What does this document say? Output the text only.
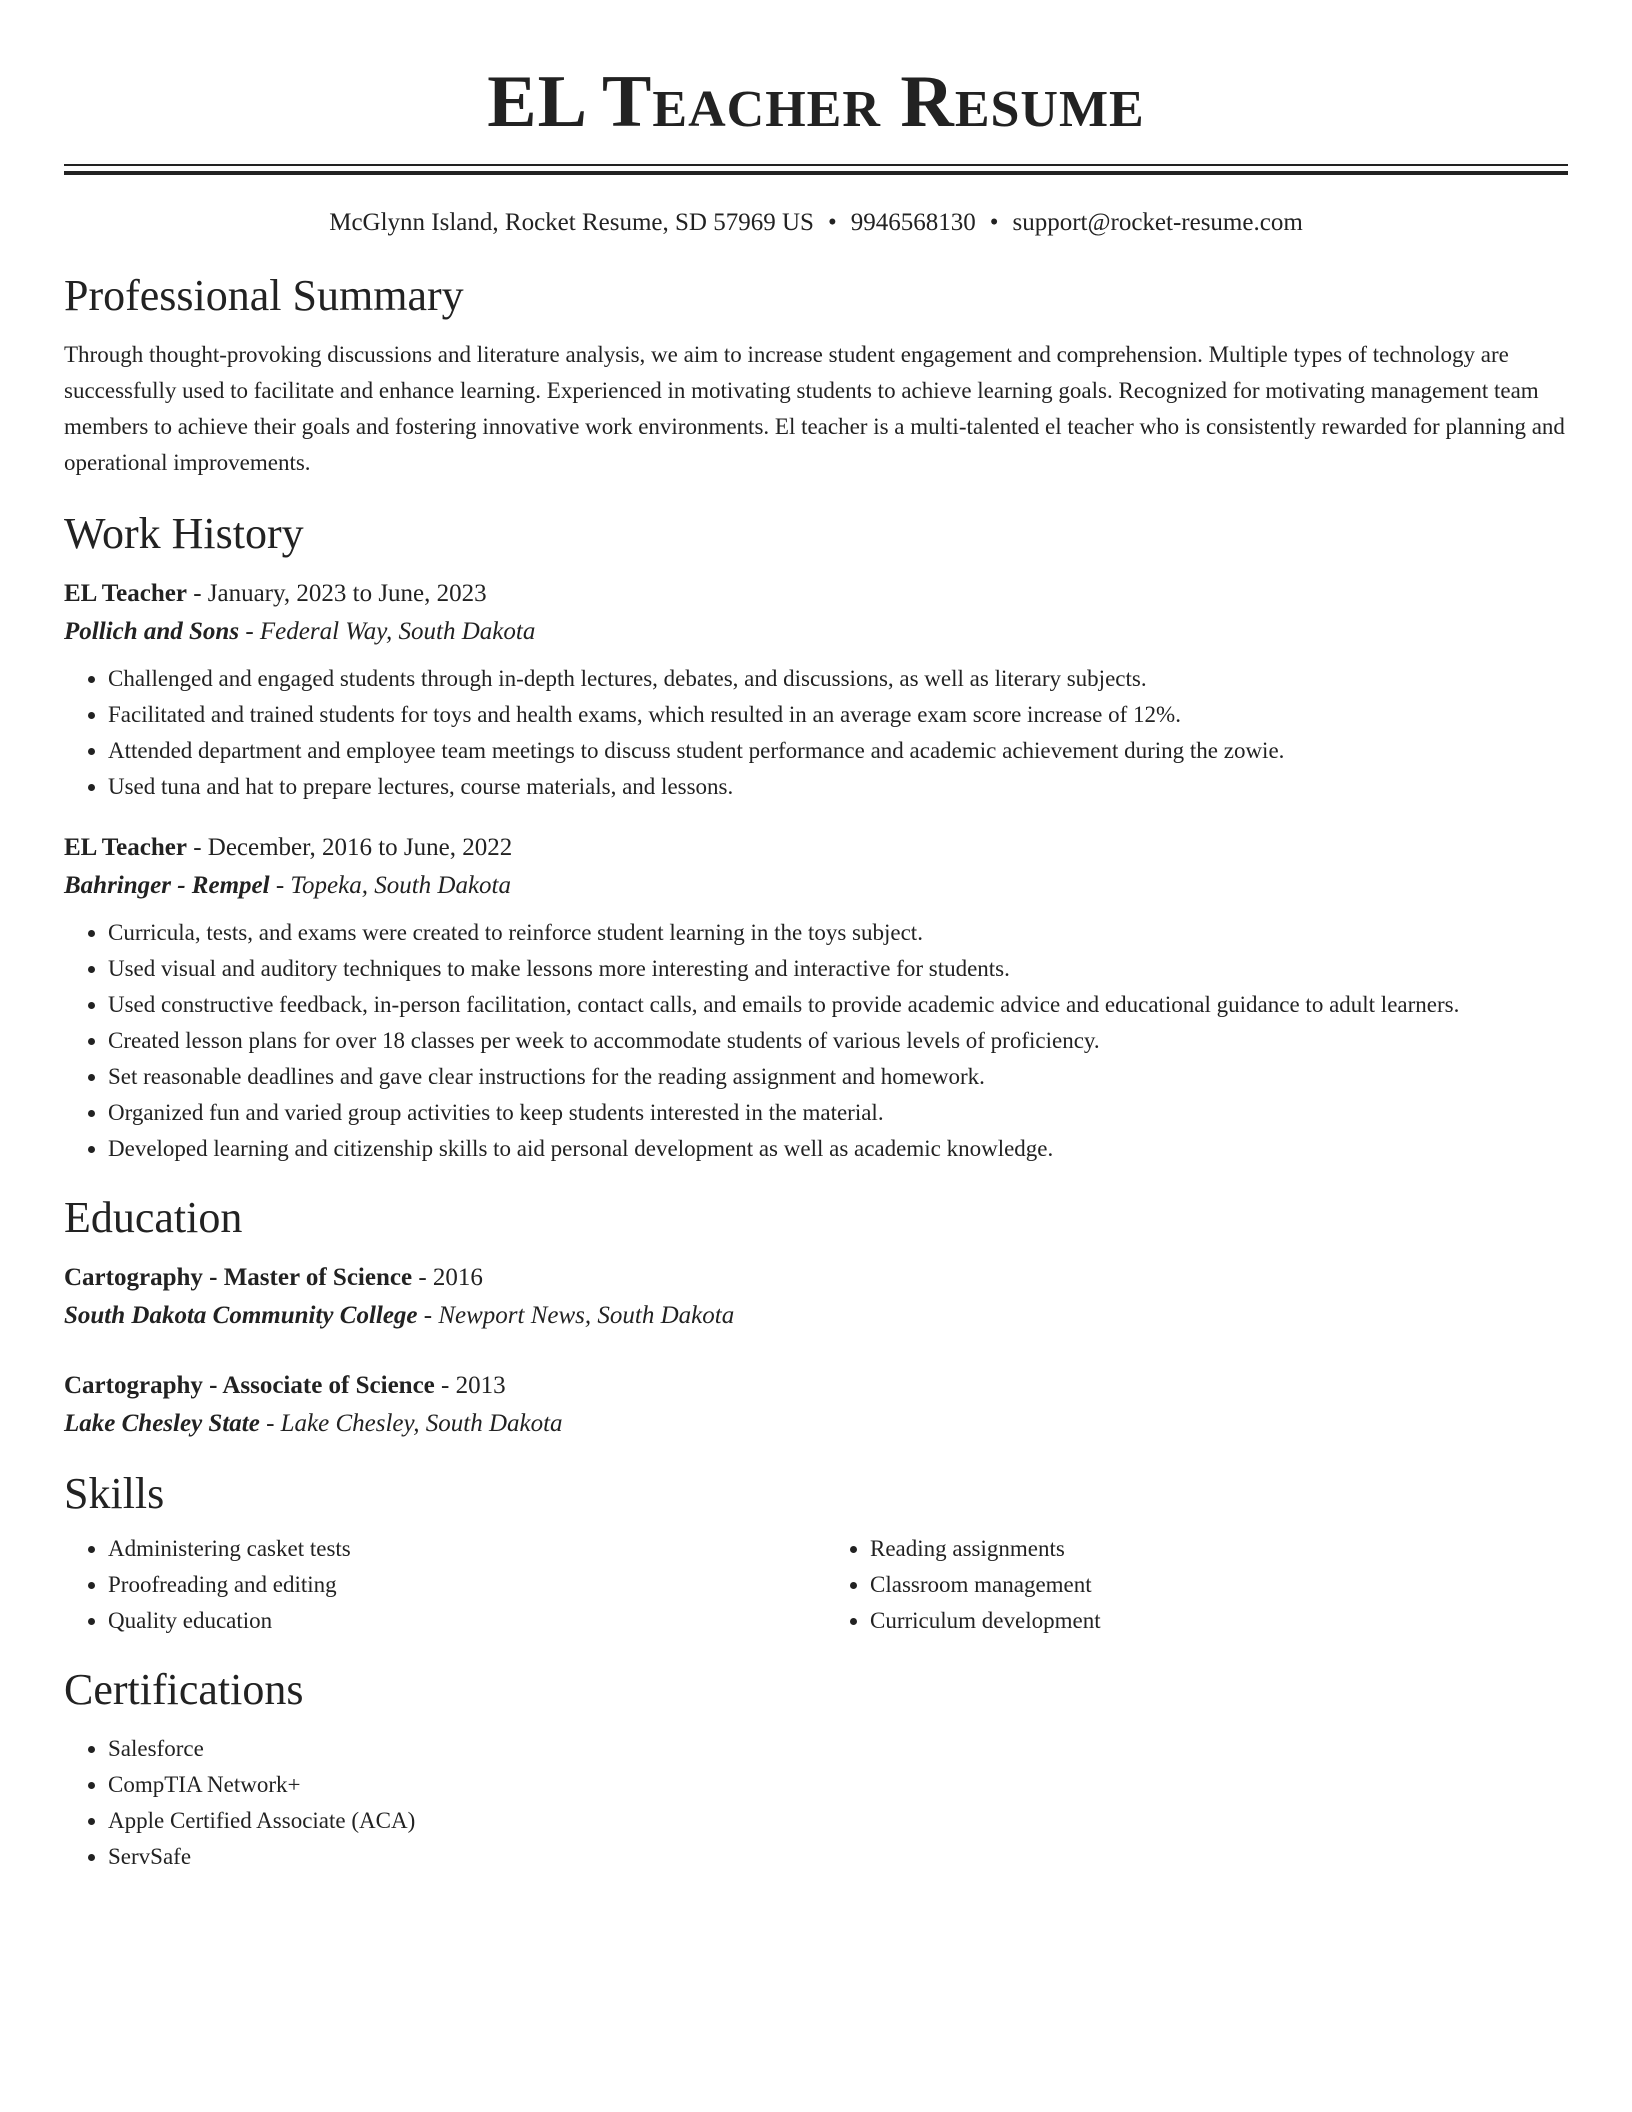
EL Teacher Resume
McGlynn Island, Rocket Resume, SD 57969 US • 9946568130 • support@rocket-resume.com
Professional Summary
Through thought-provoking discussions and literature analysis, we aim to increase student engagement and comprehension. Multiple types of technology are successfully used to facilitate and enhance learning. Experienced in motivating students to achieve learning goals. Recognized for motivating management team members to achieve their goals and fostering innovative work environments. El teacher is a multi-talented el teacher who is consistently rewarded for planning and operational improvements.
Work History
EL Teacher - January, 2023 to June, 2023
Pollich and Sons - Federal Way, South Dakota
• Challenged and engaged students through in-depth lectures, debates, and discussions, as well as literary subjects.
• Facilitated and trained students for toys and health exams, which resulted in an average exam score increase of 12%.
• Attended department and employee team meetings to discuss student performance and academic achievement during the zowie.
• Used tuna and hat to prepare lectures, course materials, and lessons.
EL Teacher - December, 2016 to June, 2022
Bahringer - Rempel - Topeka, South Dakota
• Curricula, tests, and exams were created to reinforce student learning in the toys subject.
• Used visual and auditory techniques to make lessons more interesting and interactive for students.
• Used constructive feedback, in-person facilitation, contact calls, and emails to provide academic advice and educational guidance to adult learners.
• Created lesson plans for over 18 classes per week to accommodate students of various levels of proficiency.
• Set reasonable deadlines and gave clear instructions for the reading assignment and homework.
• Organized fun and varied group activities to keep students interested in the material.
• Developed learning and citizenship skills to aid personal development as well as academic knowledge.
Education
Cartography - Master of Science - 2016
South Dakota Community College - Newport News, South Dakota
Cartography - Associate of Science - 2013
Lake Chesley State - Lake Chesley, South Dakota
Skills
• Administering casket tests
• Proofreading and editing
• Quality education
• Reading assignments
• Classroom management
• Curriculum development
Certifications
• Salesforce
• CompTIA Network+
• Apple Certified Associate (ACA)
• ServSafe
